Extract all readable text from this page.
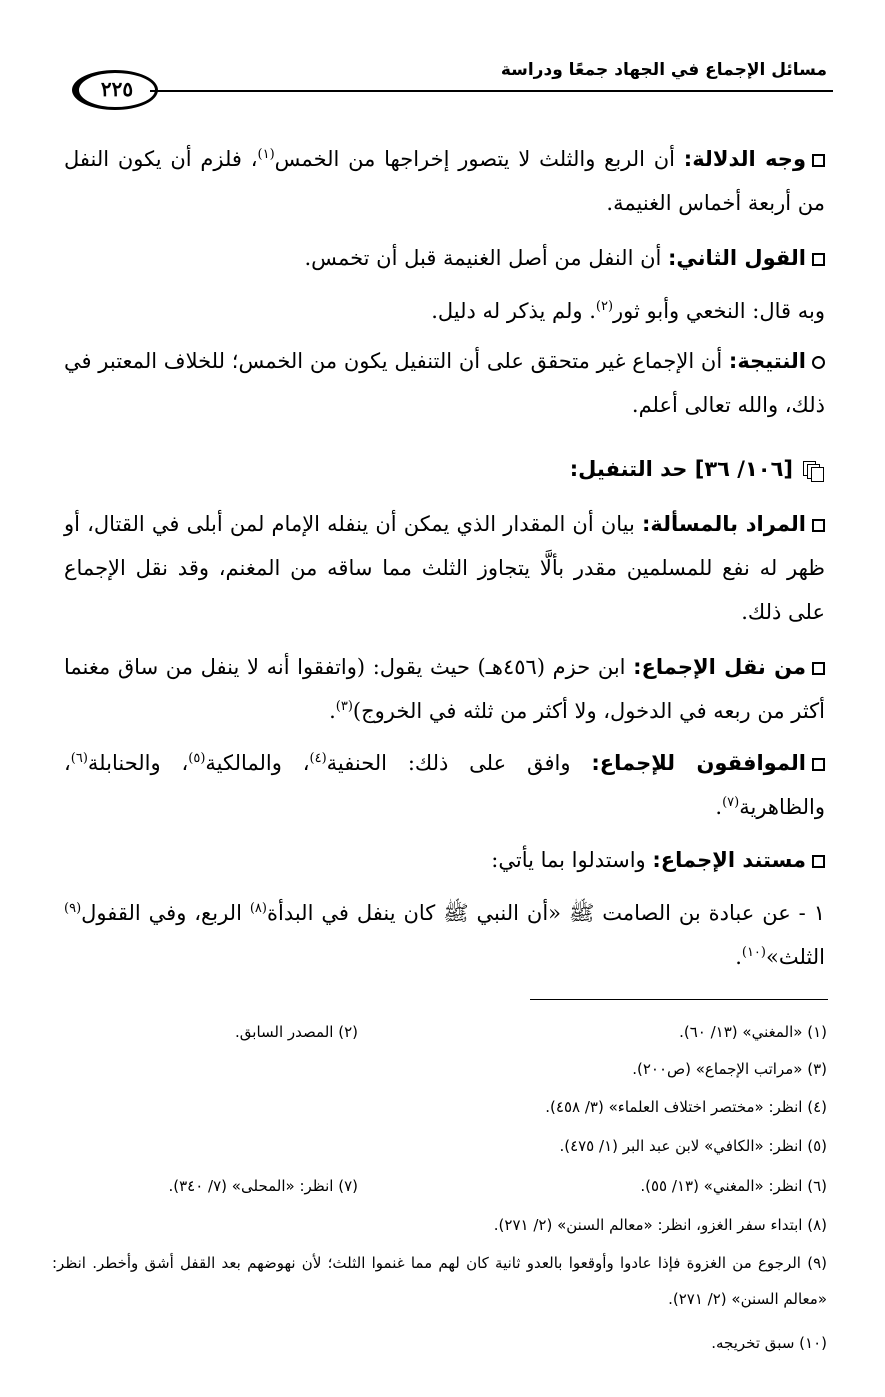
مسائل الإجماع في الجهاد جمعًا ودراسة
٢٢٥
وجه الدلالة: أن الربع والثلث لا يتصور إخراجها من الخمس$^{(١)}$، فلزم أن يكون النفل من أربعة أخماس الغنيمة.
القول الثاني: أن النفل من أصل الغنيمة قبل أن تخمس.
وبه قال: النخعي وأبو ثور$^{(٢)}$. ولم يذكر له دليل.
النتيجة: أن الإجماع غير متحقق على أن التنفيل يكون من الخمس؛ للخلاف المعتبر في ذلك، والله تعالى أعلم.
[١٠٦/ ٣٦] حد التنفيل:
المراد بالمسألة: بيان أن المقدار الذي يمكن أن ينفله الإمام لمن أبلى في القتال، أو ظهر له نفع للمسلمين مقدر بألَّا يتجاوز الثلث مما ساقه من المغنم، وقد نقل الإجماع على ذلك.
من نقل الإجماع: ابن حزم (٤٥٦هـ) حيث يقول: (واتفقوا أنه لا ينفل من ساق مغنما أكثر من ربعه في الدخول، ولا أكثر من ثلثه في الخروج)$^{(٣)}$.
الموافقون للإجماع: وافق على ذلك: الحنفية$^{(٤)}$، والمالكية$^{(٥)}$، والحنابلة$^{(٦)}$، والظاهرية$^{(٧)}$.
مستند الإجماع: واستدلوا بما يأتي:
١ - عن عبادة بن الصامت ﷺ «أن النبي ﷺ كان ينفل في البدأة$^{(٨)}$ الربع، وفي القفول$^{(٩)}$ الثلث»$^{(١٠)}$.
(١) «المغني» (١٣/ ٦٠).
(٢) المصدر السابق.
(٣) «مراتب الإجماع» (ص٢٠٠).
(٤) انظر: «مختصر اختلاف العلماء» (٣/ ٤٥٨).
(٥) انظر: «الكافي» لابن عبد البر (١/ ٤٧٥).
(٦) انظر: «المغني» (١٣/ ٥٥).
(٧) انظر: «المحلى» (٧/ ٣٤٠).
(٨) ابتداء سفر الغزو، انظر: «معالم السنن» (٢/ ٢٧١).
(٩) الرجوع من الغزوة فإذا عادوا وأوقعوا بالعدو ثانية كان لهم مما غنموا الثلث؛ لأن نهوضهم بعد القفل أشق وأخطر. انظر: «معالم السنن» (٢/ ٢٧١).
(١٠) سبق تخريجه.
